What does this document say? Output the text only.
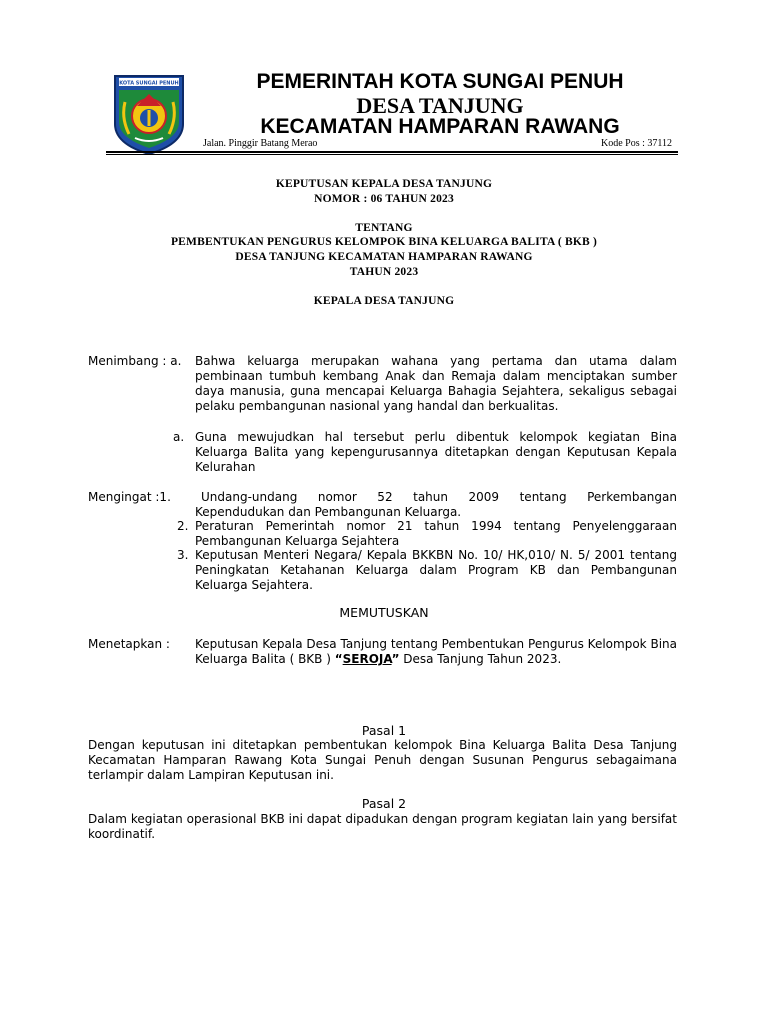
KOTA SUNGAI PENUH	PEMERINTAH KOTA SUNGAI PENUH
DESA TANJUNG
KECAMATAN HAMPARAN RAWANG
Jalan. Pinggir Batang Merao	Kode Pos : 37112
KEPUTUSAN KEPALA DESA TANJUNG
NOMOR : 06 TAHUN 2023
TENTANG
PEMBENTUKAN PENGURUS KELOMPOK BINA KELUARGA BALITA ( BKB )
DESA TANJUNG KECAMATAN HAMPARAN RAWANG
TAHUN 2023
KEPALA DESA TANJUNG
Menimbang : a. Bahwa keluarga merupakan wahana yang pertama dan utama dalam
pembinaan tumbuh kembang Anak dan Remaja dalam menciptakan sumber daya manusia, guna mencapai Keluarga Bahagia Sejahtera, sekaligus sebagai pelaku pembangunan nasional yang handal dan berkualitas.
a. Guna mewujudkan hal tersebut perlu dibentuk kelompok kegiatan Bina Keluarga Balita yang kepengurusannya ditetapkan dengan Keputusan Kepala Kelurahan
Mengingat :1.	Undang-undang nomor 52 tahun 2009 tentang Perkembangan
Kependudukan dan Pembangunan Keluarga.
2. Peraturan Pemerintah nomor 21 tahun 1994 tentang Penyelenggaraan Pembangunan Keluarga Sejahtera
3. Keputusan Menteri Negara/ Kepala BKKBN No. 10/ HK,010/ N. 5/ 2001 tentang Peningkatan Ketahanan Keluarga dalam Program KB dan Pembangunan Keluarga Sejahtera.
MEMUTUSKAN
Menetapkan : Keputusan Kepala Desa Tanjung tentang Pembentukan Pengurus Kelompok Bina Keluarga Balita ( BKB ) “SEROJA” Desa Tanjung Tahun 2023.
Pasal 1
Dengan keputusan ini ditetapkan pembentukan kelompok Bina Keluarga Balita Desa Tanjung Kecamatan Hamparan Rawang Kota Sungai Penuh dengan Susunan Pengurus sebagaimana terlampir dalam Lampiran Keputusan ini.
Pasal 2
Dalam kegiatan operasional BKB ini dapat dipadukan dengan program kegiatan lain yang bersifat koordinatif.
